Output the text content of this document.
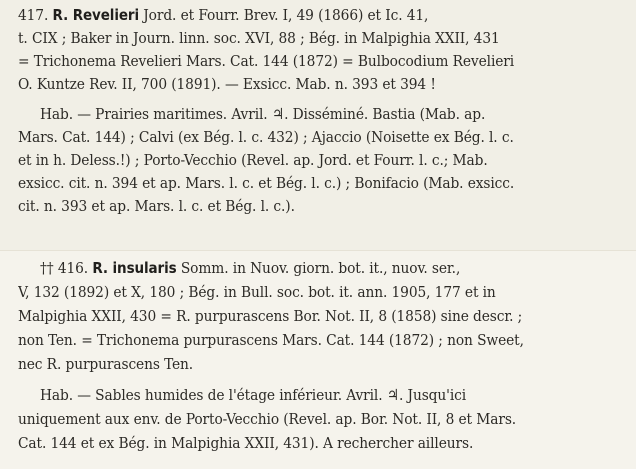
417. R. Revelieri Jord. et Fourr. Brev. I, 49 (1866) et Ic. 41,
t. CIX ; Baker in Journ. linn. soc. XVI, 88 ; Bég. in Malpighia XXII, 431
= Trichonema Revelieri Mars. Cat. 144 (1872) = Bulbocodium Revelieri
O. Kuntze Rev. II, 700 (1891). — Exsicc. Mab. n. 393 et 394 !
Hab. — Prairies maritimes. Avril. ♃. Disséminé. Bastia (Mab. ap.
Mars. Cat. 144) ; Calvi (ex Bég. l. c. 432) ; Ajaccio (Noisette ex Bég. l. c.
et in h. Deless.!) ; Porto-Vecchio (Revel. ap. Jord. et Fourr. l. c.; Mab.
exsicc. cit. n. 394 et ap. Mars. l. c. et Bég. l. c.) ; Bonifacio (Mab. exsicc.
cit. n. 393 et ap. Mars. l. c. et Bég. l. c.).
†† 416. R. insularis Somm. in Nuov. giorn. bot. it., nuov. ser.,
V, 132 (1892) et X, 180 ; Bég. in Bull. soc. bot. it. ann. 1905, 177 et in
Malpighia XXII, 430 = R. purpurascens Bor. Not. II, 8 (1858) sine descr. ;
non Ten. = Trichonema purpurascens Mars. Cat. 144 (1872) ; non Sweet,
nec R. purpurascens Ten.
Hab. — Sables humides de l'étage inférieur. Avril. ♃. Jusqu'ici
uniquement aux env. de Porto-Vecchio (Revel. ap. Bor. Not. II, 8 et Mars.
Cat. 144 et ex Bég. in Malpighia XXII, 431). A rechercher ailleurs.
